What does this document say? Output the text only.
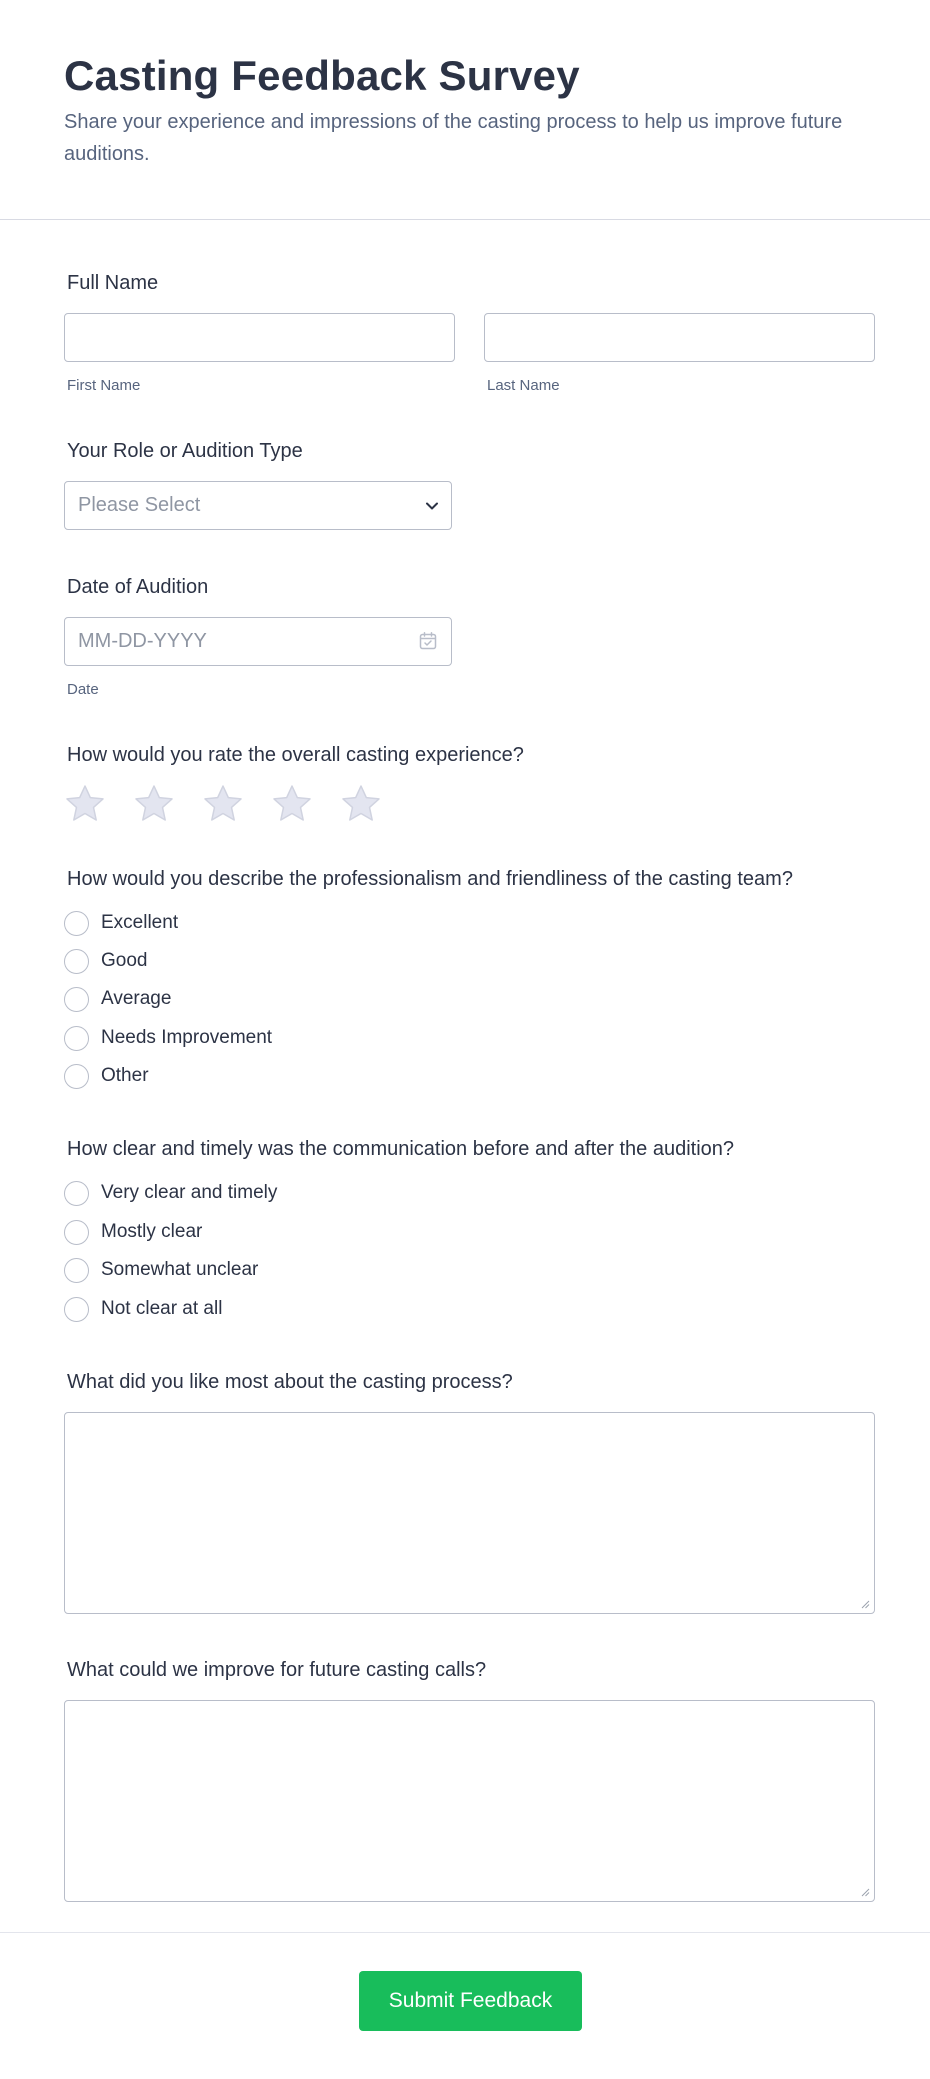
Casting Feedback Survey

Share your experience and impressions of the casting process to help us improve future auditions.

Full Name
First Name	Last Name
Your Role or Audition Type
Please Select
Date of Audition
MM-DD-YYYY
Date
How would you rate the overall casting experience?
How would you describe the professionalism and friendliness of the casting team?
Excellent
Good
Average
Needs Improvement
Other
How clear and timely was the communication before and after the audition?
Very clear and timely
Mostly clear
Somewhat unclear
Not clear at all
What did you like most about the casting process?
What could we improve for future casting calls?
Submit Feedback
